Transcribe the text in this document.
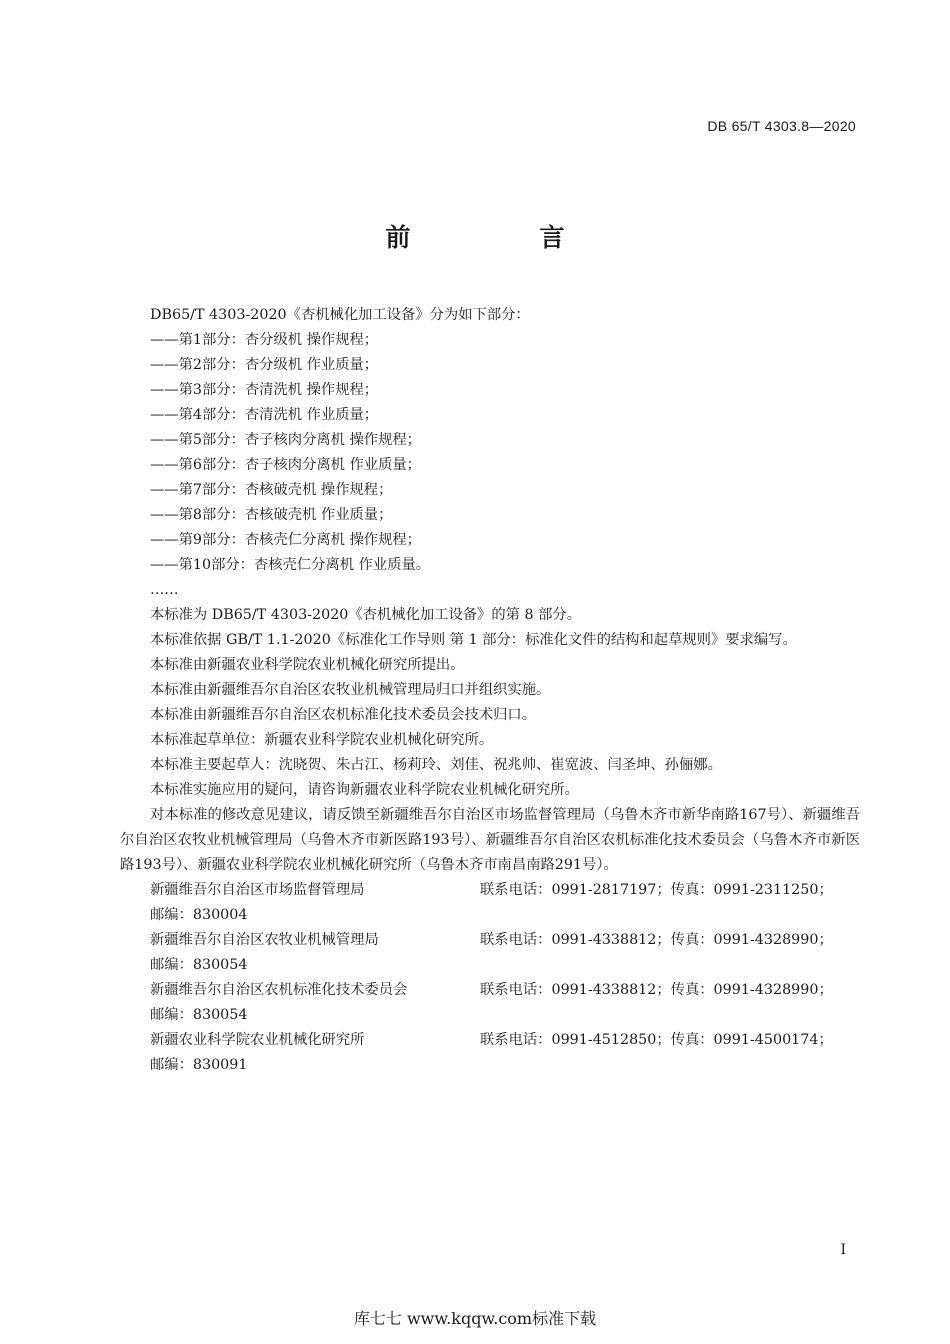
DB 65/T 4303.8—2020
前　言
DB65/T 4303-2020《杏机械化加工设备》分为如下部分：
——第1部分：杏分级机 操作规程；
——第2部分：杏分级机 作业质量；
——第3部分：杏清洗机 操作规程；
——第4部分：杏清洗机 作业质量；
——第5部分：杏子核肉分离机 操作规程；
——第6部分：杏子核肉分离机 作业质量；
——第7部分：杏核破壳机 操作规程；
——第8部分：杏核破壳机 作业质量；
——第9部分：杏核壳仁分离机 操作规程；
——第10部分：杏核壳仁分离机 作业质量。
……
本标准为 DB65/T 4303-2020《杏机械化加工设备》的第 8 部分。
本标准依据 GB/T 1.1-2020《标准化工作导则 第 1 部分：标准化文件的结构和起草规则》要求编写。
本标准由新疆农业科学院农业机械化研究所提出。
本标准由新疆维吾尔自治区农牧业机械管理局归口并组织实施。
本标准由新疆维吾尔自治区农机标准化技术委员会技术归口。
本标准起草单位：新疆农业科学院农业机械化研究所。
本标准主要起草人：沈晓贺、朱占江、杨莉玲、刘佳、祝兆帅、崔宽波、闫圣坤、孙俪娜。
本标准实施应用的疑问，请咨询新疆农业科学院农业机械化研究所。
对本标准的修改意见建议，请反馈至新疆维吾尔自治区市场监督管理局（乌鲁木齐市新华南路167号）、新疆维吾尔自治区农牧业机械管理局（乌鲁木齐市新医路193号）、新疆维吾尔自治区农机标准化技术委员会（乌鲁木齐市新医路193号）、新疆农业科学院农业机械化研究所（乌鲁木齐市南昌南路291号）。
新疆维吾尔自治区市场监督管理局	联系电话：0991-2817197；传真：0991-2311250；
邮编：830004
新疆维吾尔自治区农牧业机械管理局	联系电话：0991-4338812；传真：0991-4328990；
邮编：830054
新疆维吾尔自治区农机标准化技术委员会	联系电话：0991-4338812；传真：0991-4328990；
邮编：830054
新疆农业科学院农业机械化研究所	联系电话：0991-4512850；传真：0991-4500174；
邮编：830091
I
库七七 www.kqqw.com标准下载
